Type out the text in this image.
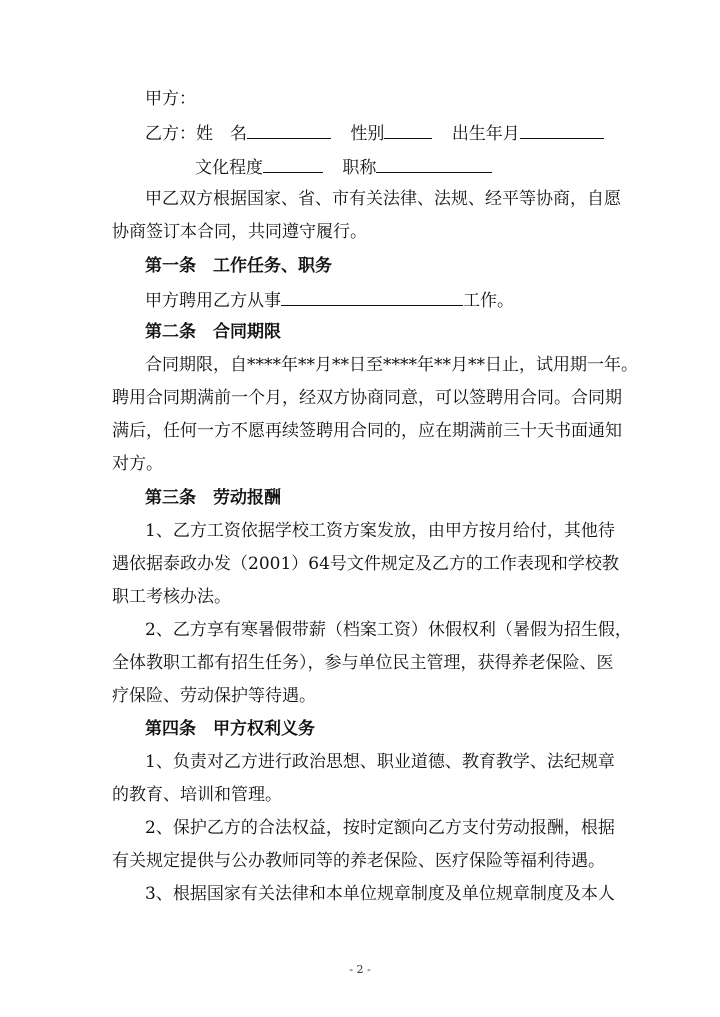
甲方：
乙方：姓　名	性别	出生年月
文化程度	职称
甲乙双方根据国家、省、市有关法律、法规、经平等协商，自愿
协商签订本合同，共同遵守履行。
第一条　工作任务、职务
甲方聘用乙方从事	工作。
第二条　合同期限
合同期限，自****年**月**日至****年**月**日止，试用期一年。
聘用合同期满前一个月，经双方协商同意，可以签聘用合同。合同期
满后，任何一方不愿再续签聘用合同的，应在期满前三十天书面通知
对方。
第三条　劳动报酬
1、乙方工资依据学校工资方案发放，由甲方按月给付，其他待
遇依据泰政办发（2001）64号文件规定及乙方的工作表现和学校教
职工考核办法。
2、乙方享有寒暑假带薪（档案工资）休假权利（暑假为招生假，
全体教职工都有招生任务），参与单位民主管理，获得养老保险、医
疗保险、劳动保护等待遇。
第四条　甲方权利义务
1、负责对乙方进行政治思想、职业道德、教育教学、法纪规章
的教育、培训和管理。
2、保护乙方的合法权益，按时定额向乙方支付劳动报酬，根据
有关规定提供与公办教师同等的养老保险、医疗保险等福利待遇。
3、根据国家有关法律和本单位规章制度及单位规章制度及本人
- 2 -
